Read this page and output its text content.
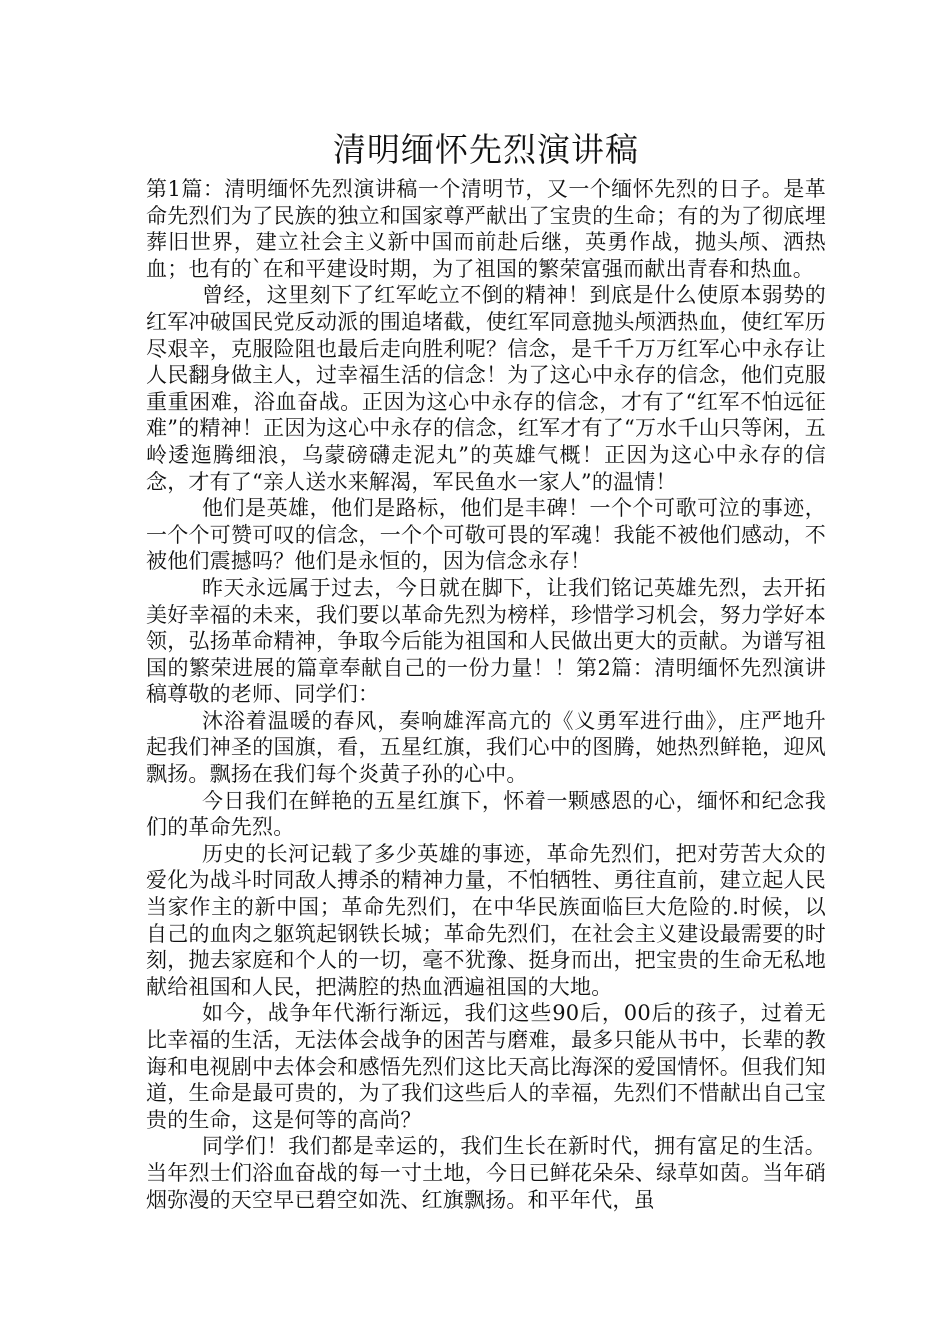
清明缅怀先烈演讲稿

第1篇：清明缅怀先烈演讲稿一个清明节，又一个缅怀先烈的日子。是革命先烈们为了民族的独立和国家尊严献出了宝贵的生命；有的为了彻底埋葬旧世界，建立社会主义新中国而前赴后继，英勇作战，抛头颅、洒热血；也有的`在和平建设时期，为了祖国的繁荣富强而献出青春和热血。

曾经，这里刻下了红军屹立不倒的精神！到底是什么使原本弱势的红军冲破国民党反动派的围追堵截，使红军同意抛头颅洒热血，使红军历尽艰辛，克服险阻也最后走向胜利呢？信念，是千千万万红军心中永存让人民翻身做主人，过幸福生活的信念！为了这心中永存的信念，他们克服重重困难，浴血奋战。正因为这心中永存的信念，才有了“红军不怕远征难”的精神！正因为这心中永存的信念，红军才有了“万水千山只等闲，五岭逶迤腾细浪，乌蒙磅礴走泥丸”的英雄气概！正因为这心中永存的信念，才有了“亲人送水来解渴，军民鱼水一家人”的温情！

他们是英雄，他们是路标，他们是丰碑！一个个可歌可泣的事迹，一个个可赞可叹的信念，一个个可敬可畏的军魂！我能不被他们感动，不被他们震撼吗？他们是永恒的，因为信念永存！

昨天永远属于过去，今日就在脚下，让我们铭记英雄先烈，去开拓美好幸福的未来，我们要以革命先烈为榜样，珍惜学习机会，努力学好本领，弘扬革命精神，争取今后能为祖国和人民做出更大的贡献。为谱写祖国的繁荣进展的篇章奉献自己的一份力量！！第2篇：清明缅怀先烈演讲稿尊敬的老师、同学们：

沐浴着温暖的春风，奏响雄浑高亢的《义勇军进行曲》，庄严地升起我们神圣的国旗，看，五星红旗，我们心中的图腾，她热烈鲜艳，迎风飘扬。飘扬在我们每个炎黄子孙的心中。

今日我们在鲜艳的五星红旗下，怀着一颗感恩的心，缅怀和纪念我们的革命先烈。

历史的长河记载了多少英雄的事迹，革命先烈们，把对劳苦大众的爱化为战斗时同敌人搏杀的精神力量，不怕牺牲、勇往直前，建立起人民当家作主的新中国；革命先烈们，在中华民族面临巨大危险的.时候，以自己的血肉之躯筑起钢铁长城；革命先烈们，在社会主义建设最需要的时刻，抛去家庭和个人的一切，毫不犹豫、挺身而出，把宝贵的生命无私地献给祖国和人民，把满腔的热血洒遍祖国的大地。

如今，战争年代渐行渐远，我们这些90后，00后的孩子，过着无比幸福的生活，无法体会战争的困苦与磨难，最多只能从书中，长辈的教诲和电视剧中去体会和感悟先烈们这比天高比海深的爱国情怀。但我们知道，生命是最可贵的，为了我们这些后人的幸福，先烈们不惜献出自己宝贵的生命，这是何等的高尚？

同学们！我们都是幸运的，我们生长在新时代，拥有富足的生活。当年烈士们浴血奋战的每一寸土地，今日已鲜花朵朵、绿草如茵。当年硝烟弥漫的天空早已碧空如洗、红旗飘扬。和平年代，虽
